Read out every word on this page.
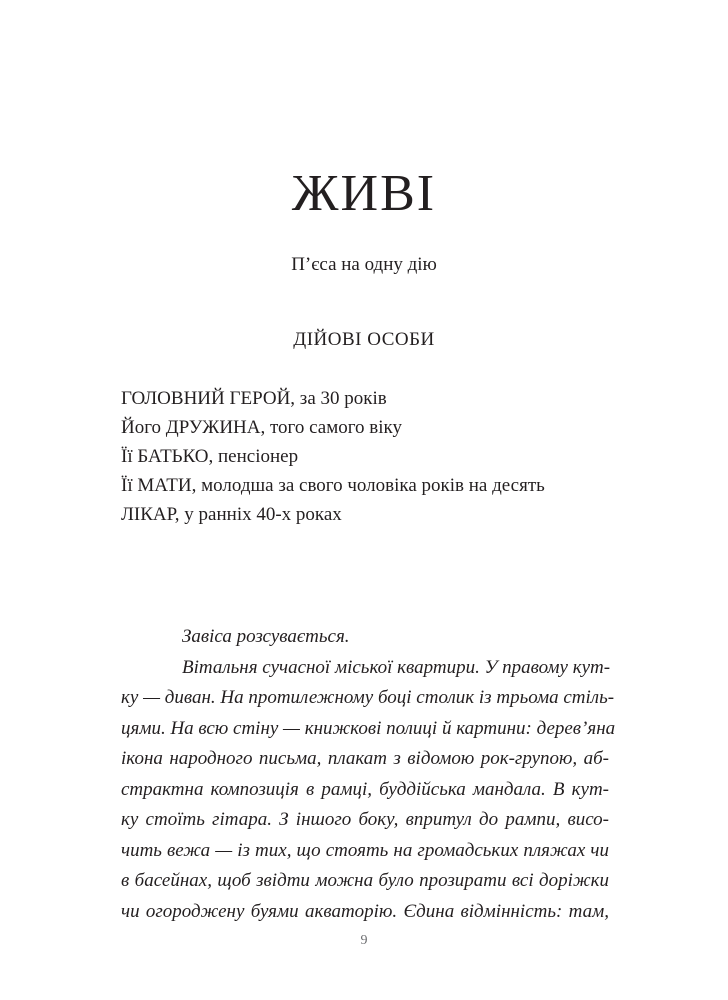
ЖИВІ
П’єса на одну дію
ДІЙОВІ ОСОБИ
ГОЛОВНИЙ ГЕРОЙ, за 30 років
Його ДРУЖИНА, того самого віку
Її БАТЬКО, пенсіонер
Її МАТИ, молодша за свого чоловіка років на десять
ЛІКАР, у ранніх 40-х роках
Завіса розсувається.
Вітальня сучасної міської квартири. У правому кут-
ку — диван. На протилежному боці столик із трьома стіль-
цями. На всю стіну — книжкові полиці й картини: дерев’яна
ікона народного письма, плакат з відомою рок-групою, аб-
страктна композиція в рамці, буддійська мандала. В кут-
ку стоїть гітара. З іншого боку, впритул до рампи, висо-
чить вежа — із тих, що стоять на громадських пляжах чи
в басейнах, щоб звідти можна було прозирати всі доріжки
чи огороджену буями акваторію. Єдина відмінність: там,
9
